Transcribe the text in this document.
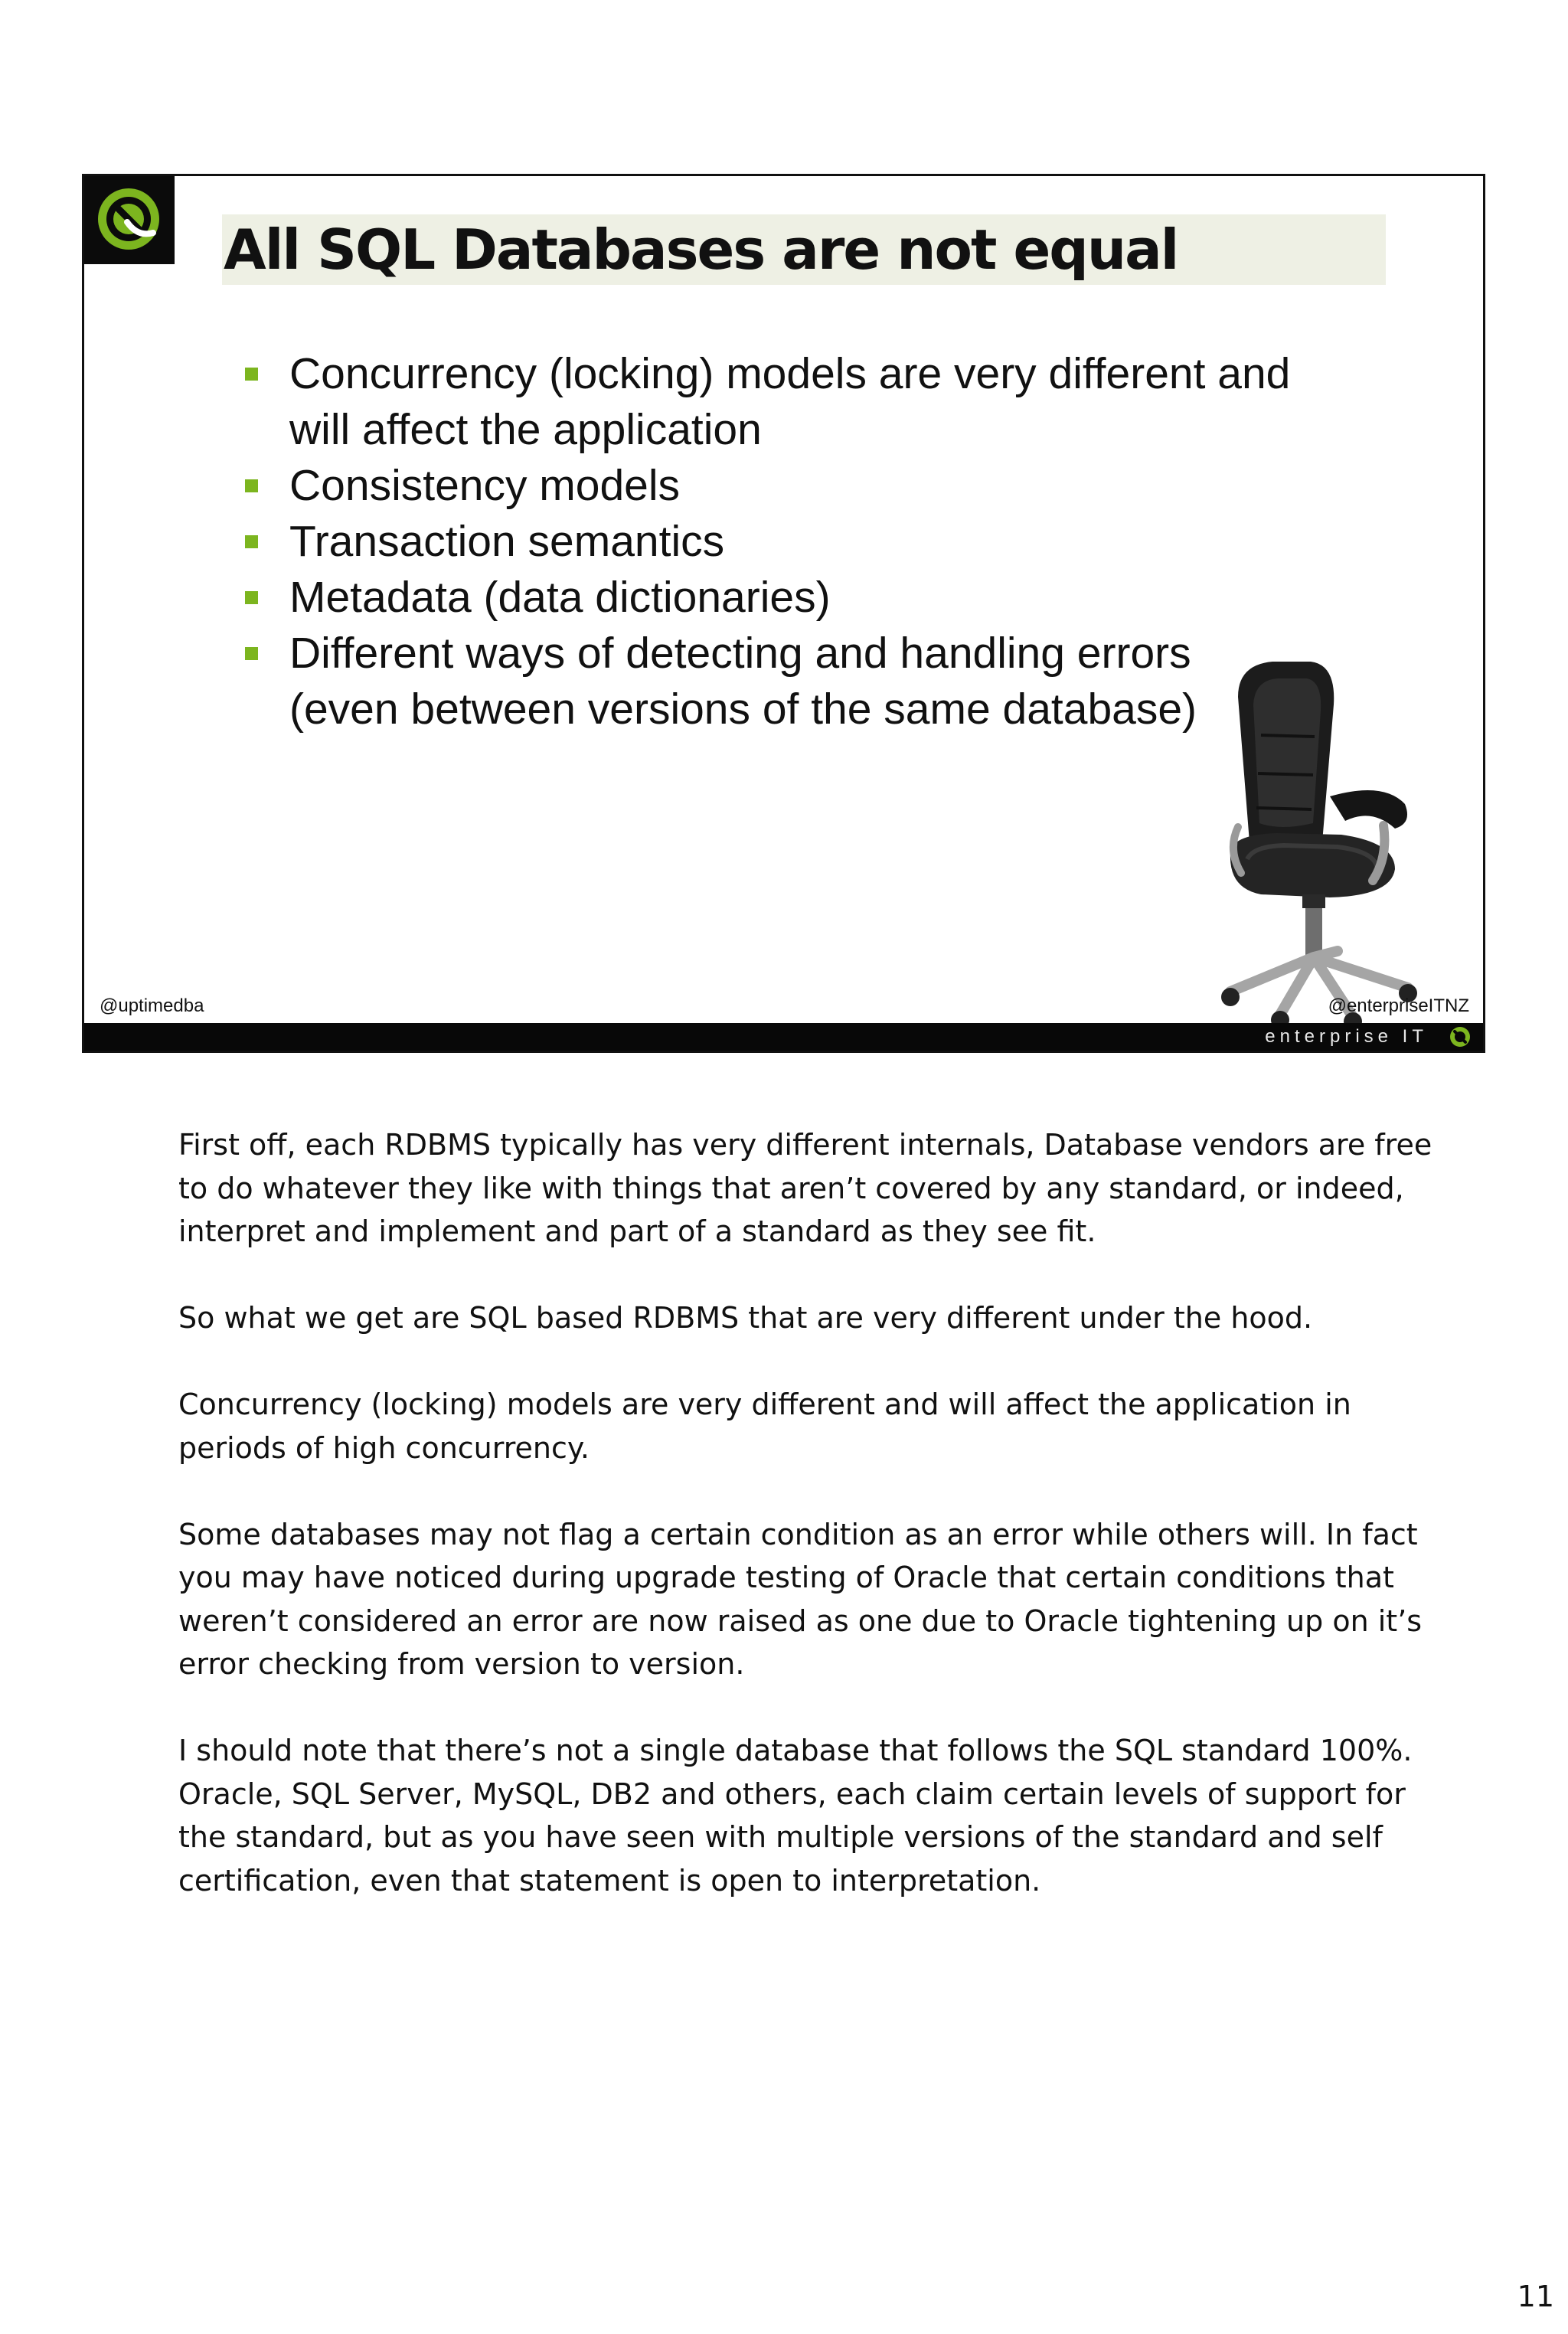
All SQL Databases are not equal
Concurrency (locking) models are very different and will affect the application
Consistency models
Transaction semantics
Metadata (data dictionaries)
Different ways of detecting and handling errors (even between versions of the same database)
@uptimedba	@enterpriseITNZ
enterprise IT

First off, each RDBMS typically has very different internals, Database vendors are free to do whatever they like with things that aren’t covered by any standard, or indeed, interpret and implement and part of a standard as they see fit.

So what we get are SQL based RDBMS that are very different under the hood.

Concurrency (locking) models are very different and will affect the application in periods of high concurrency.

Some databases may not flag a certain condition as an error while others will. In fact you may have noticed during upgrade testing of Oracle that certain conditions that weren’t considered an error are now raised as one due to Oracle tightening up on it’s error checking from version to version.

I should note that there’s not a single database that follows the SQL standard 100%. Oracle, SQL Server, MySQL, DB2 and others, each claim certain levels of support for the standard, but as you have seen with multiple versions of the standard and self certification, even that statement is open to interpretation.

11
